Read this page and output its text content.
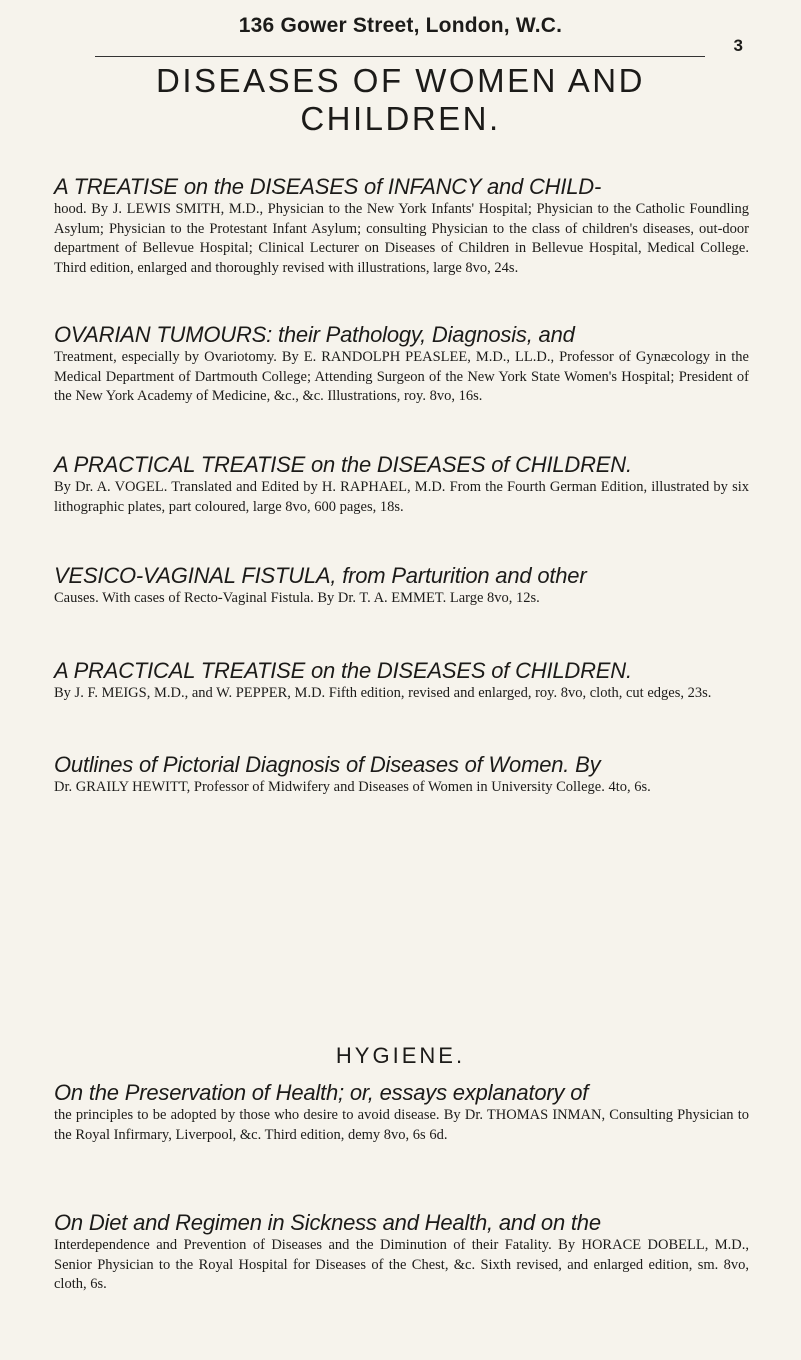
136 Gower Street, London, W.C.
3
DISEASES OF WOMEN AND
CHILDREN.
A TREATISE on the DISEASES of INFANCY and CHILD-
hood. By J. LEWIS SMITH, M.D., Physician to the New York Infants' Hospital; Physician to the Catholic Foundling Asylum; Physician to the Protestant Infant Asylum; consulting Physician to the class of children's diseases, out-door department of Bellevue Hospital; Clinical Lecturer on Diseases of Children in Bellevue Hospital, Medical College. Third edition, enlarged and thoroughly revised with illustrations, large 8vo, 24s.
OVARIAN TUMOURS: their Pathology, Diagnosis, and
Treatment, especially by Ovariotomy. By E. RANDOLPH PEASLEE, M.D., LL.D., Professor of Gynæcology in the Medical Department of Dartmouth College; Attending Surgeon of the New York State Women's Hospital; President of the New York Academy of Medicine, &c., &c. Illustrations, roy. 8vo, 16s.
A PRACTICAL TREATISE on the DISEASES of CHILDREN.
By Dr. A. VOGEL. Translated and Edited by H. RAPHAEL, M.D. From the Fourth German Edition, illustrated by six lithographic plates, part coloured, large 8vo, 600 pages, 18s.
VESICO-VAGINAL FISTULA, from Parturition and other
Causes. With cases of Recto-Vaginal Fistula. By Dr. T. A. EMMET. Large 8vo, 12s.
A PRACTICAL TREATISE on the DISEASES of CHILDREN.
By J. F. MEIGS, M.D., and W. PEPPER, M.D. Fifth edition, revised and enlarged, roy. 8vo, cloth, cut edges, 23s.
Outlines of Pictorial Diagnosis of Diseases of Women. By
Dr. GRAILY HEWITT, Professor of Midwifery and Diseases of Women in University College. 4to, 6s.
HYGIENE.
On the Preservation of Health; or, essays explanatory of
the principles to be adopted by those who desire to avoid disease. By Dr. THOMAS INMAN, Consulting Physician to the Royal Infirmary, Liverpool, &c. Third edition, demy 8vo, 6s 6d.
On Diet and Regimen in Sickness and Health, and on the
Interdependence and Prevention of Diseases and the Diminution of their Fatality. By HORACE DOBELL, M.D., Senior Physician to the Royal Hospital for Diseases of the Chest, &c. Sixth revised, and enlarged edition, sm. 8vo, cloth, 6s.
